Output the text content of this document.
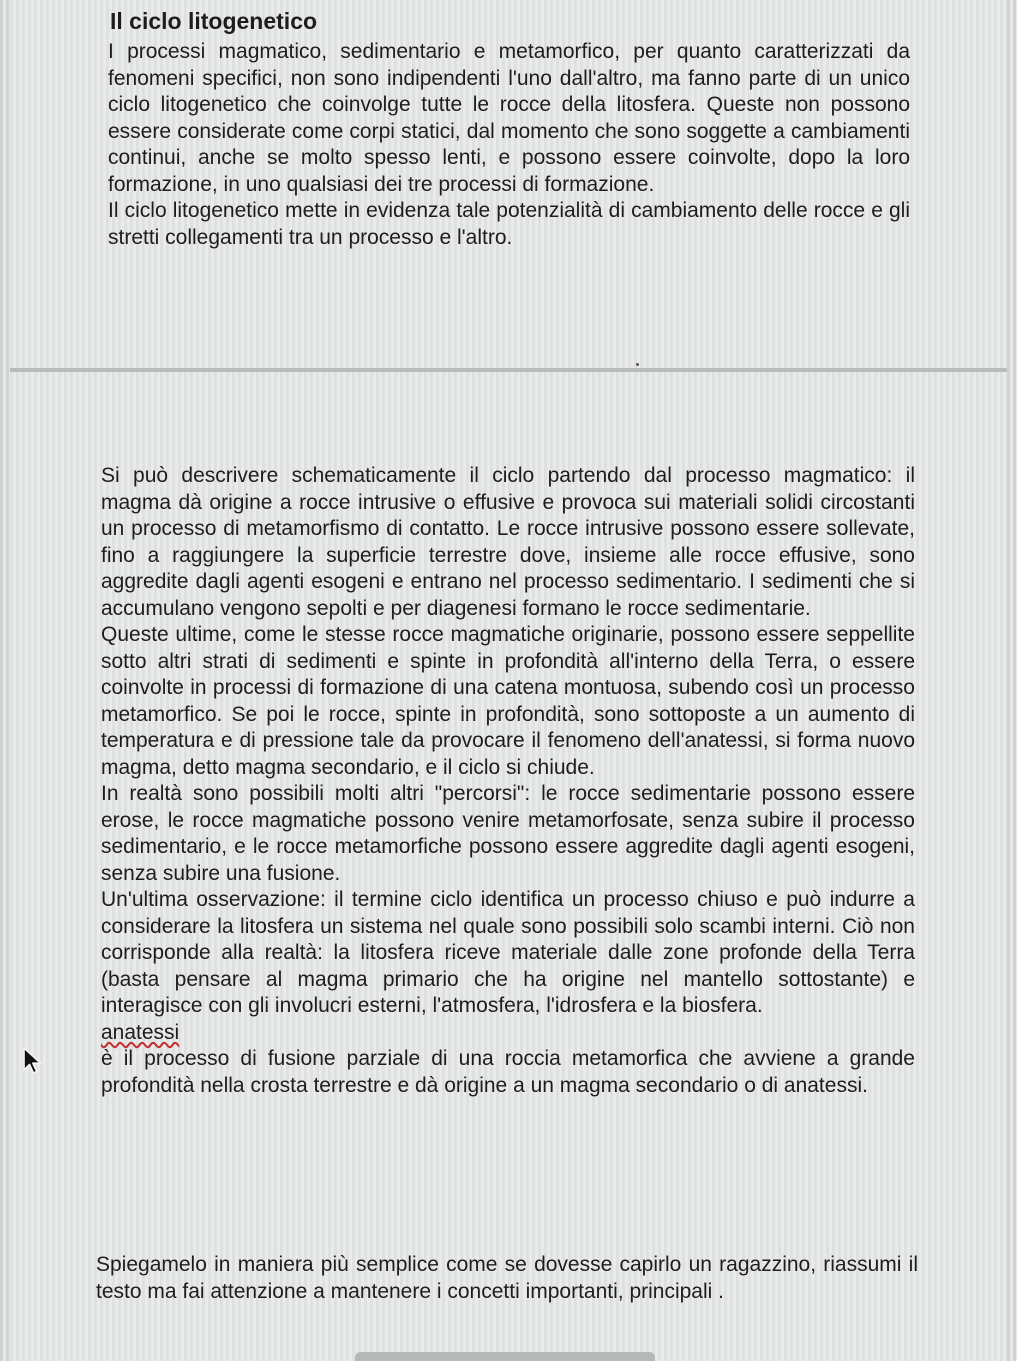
Il ciclo litogenetico

I processi magmatico, sedimentario e metamorfico, per quanto caratterizzati da fenomeni specifici, non sono indipendenti l'uno dall'altro, ma fanno parte di un unico ciclo litogenetico che coinvolge tutte le rocce della litosfera. Queste non possono essere considerate come corpi statici, dal momento che sono soggette a cambiamenti continui, anche se molto spesso lenti, e possono essere coinvolte, dopo la loro formazione, in uno qualsiasi dei tre processi di formazione.

Il ciclo litogenetico mette in evidenza tale potenzialità di cambiamento delle rocce e gli stretti collegamenti tra un processo e l'altro.

Si può descrivere schematicamente il ciclo partendo dal processo magmatico: il magma dà origine a rocce intrusive o effusive e provoca sui materiali solidi circostanti un processo di metamorfismo di contatto. Le rocce intrusive possono essere sollevate, fino a raggiungere la superficie terrestre dove, insieme alle rocce effusive, sono aggredite dagli agenti esogeni e entrano nel processo sedimentario. I sedimenti che si accumulano vengono sepolti e per diagenesi formano le rocce sedimentarie.

Queste ultime, come le stesse rocce magmatiche originarie, possono essere seppellite sotto altri strati di sedimenti e spinte in profondità all'interno della Terra, o essere coinvolte in processi di formazione di una catena montuosa, subendo così un processo metamorfico. Se poi le rocce, spinte in profondità, sono sottoposte a un aumento di temperatura e di pressione tale da provocare il fenomeno dell'anatessi, si forma nuovo magma, detto magma secondario, e il ciclo si chiude.

In realtà sono possibili molti altri "percorsi": le rocce sedimentarie possono essere erose, le rocce magmatiche possono venire metamorfosate, senza subire il processo sedimentario, e le rocce metamorfiche possono essere aggredite dagli agenti esogeni, senza subire una fusione.

Un'ultima osservazione: il termine ciclo identifica un processo chiuso e può indurre a considerare la litosfera un sistema nel quale sono possibili solo scambi interni. Ciò non corrisponde alla realtà: la litosfera riceve materiale dalle zone profonde della Terra (basta pensare al magma primario che ha origine nel mantello sottostante) e interagisce con gli involucri esterni, l'atmosfera, l'idrosfera e la biosfera.

anatessi

è il processo di fusione parziale di una roccia metamorfica che avviene a grande profondità nella crosta terrestre e dà origine a un magma secondario o di anatessi.

Spiegamelo in maniera più semplice come se dovesse capirlo un ragazzino, riassumi il testo ma fai attenzione a mantenere i concetti importanti, principali .
